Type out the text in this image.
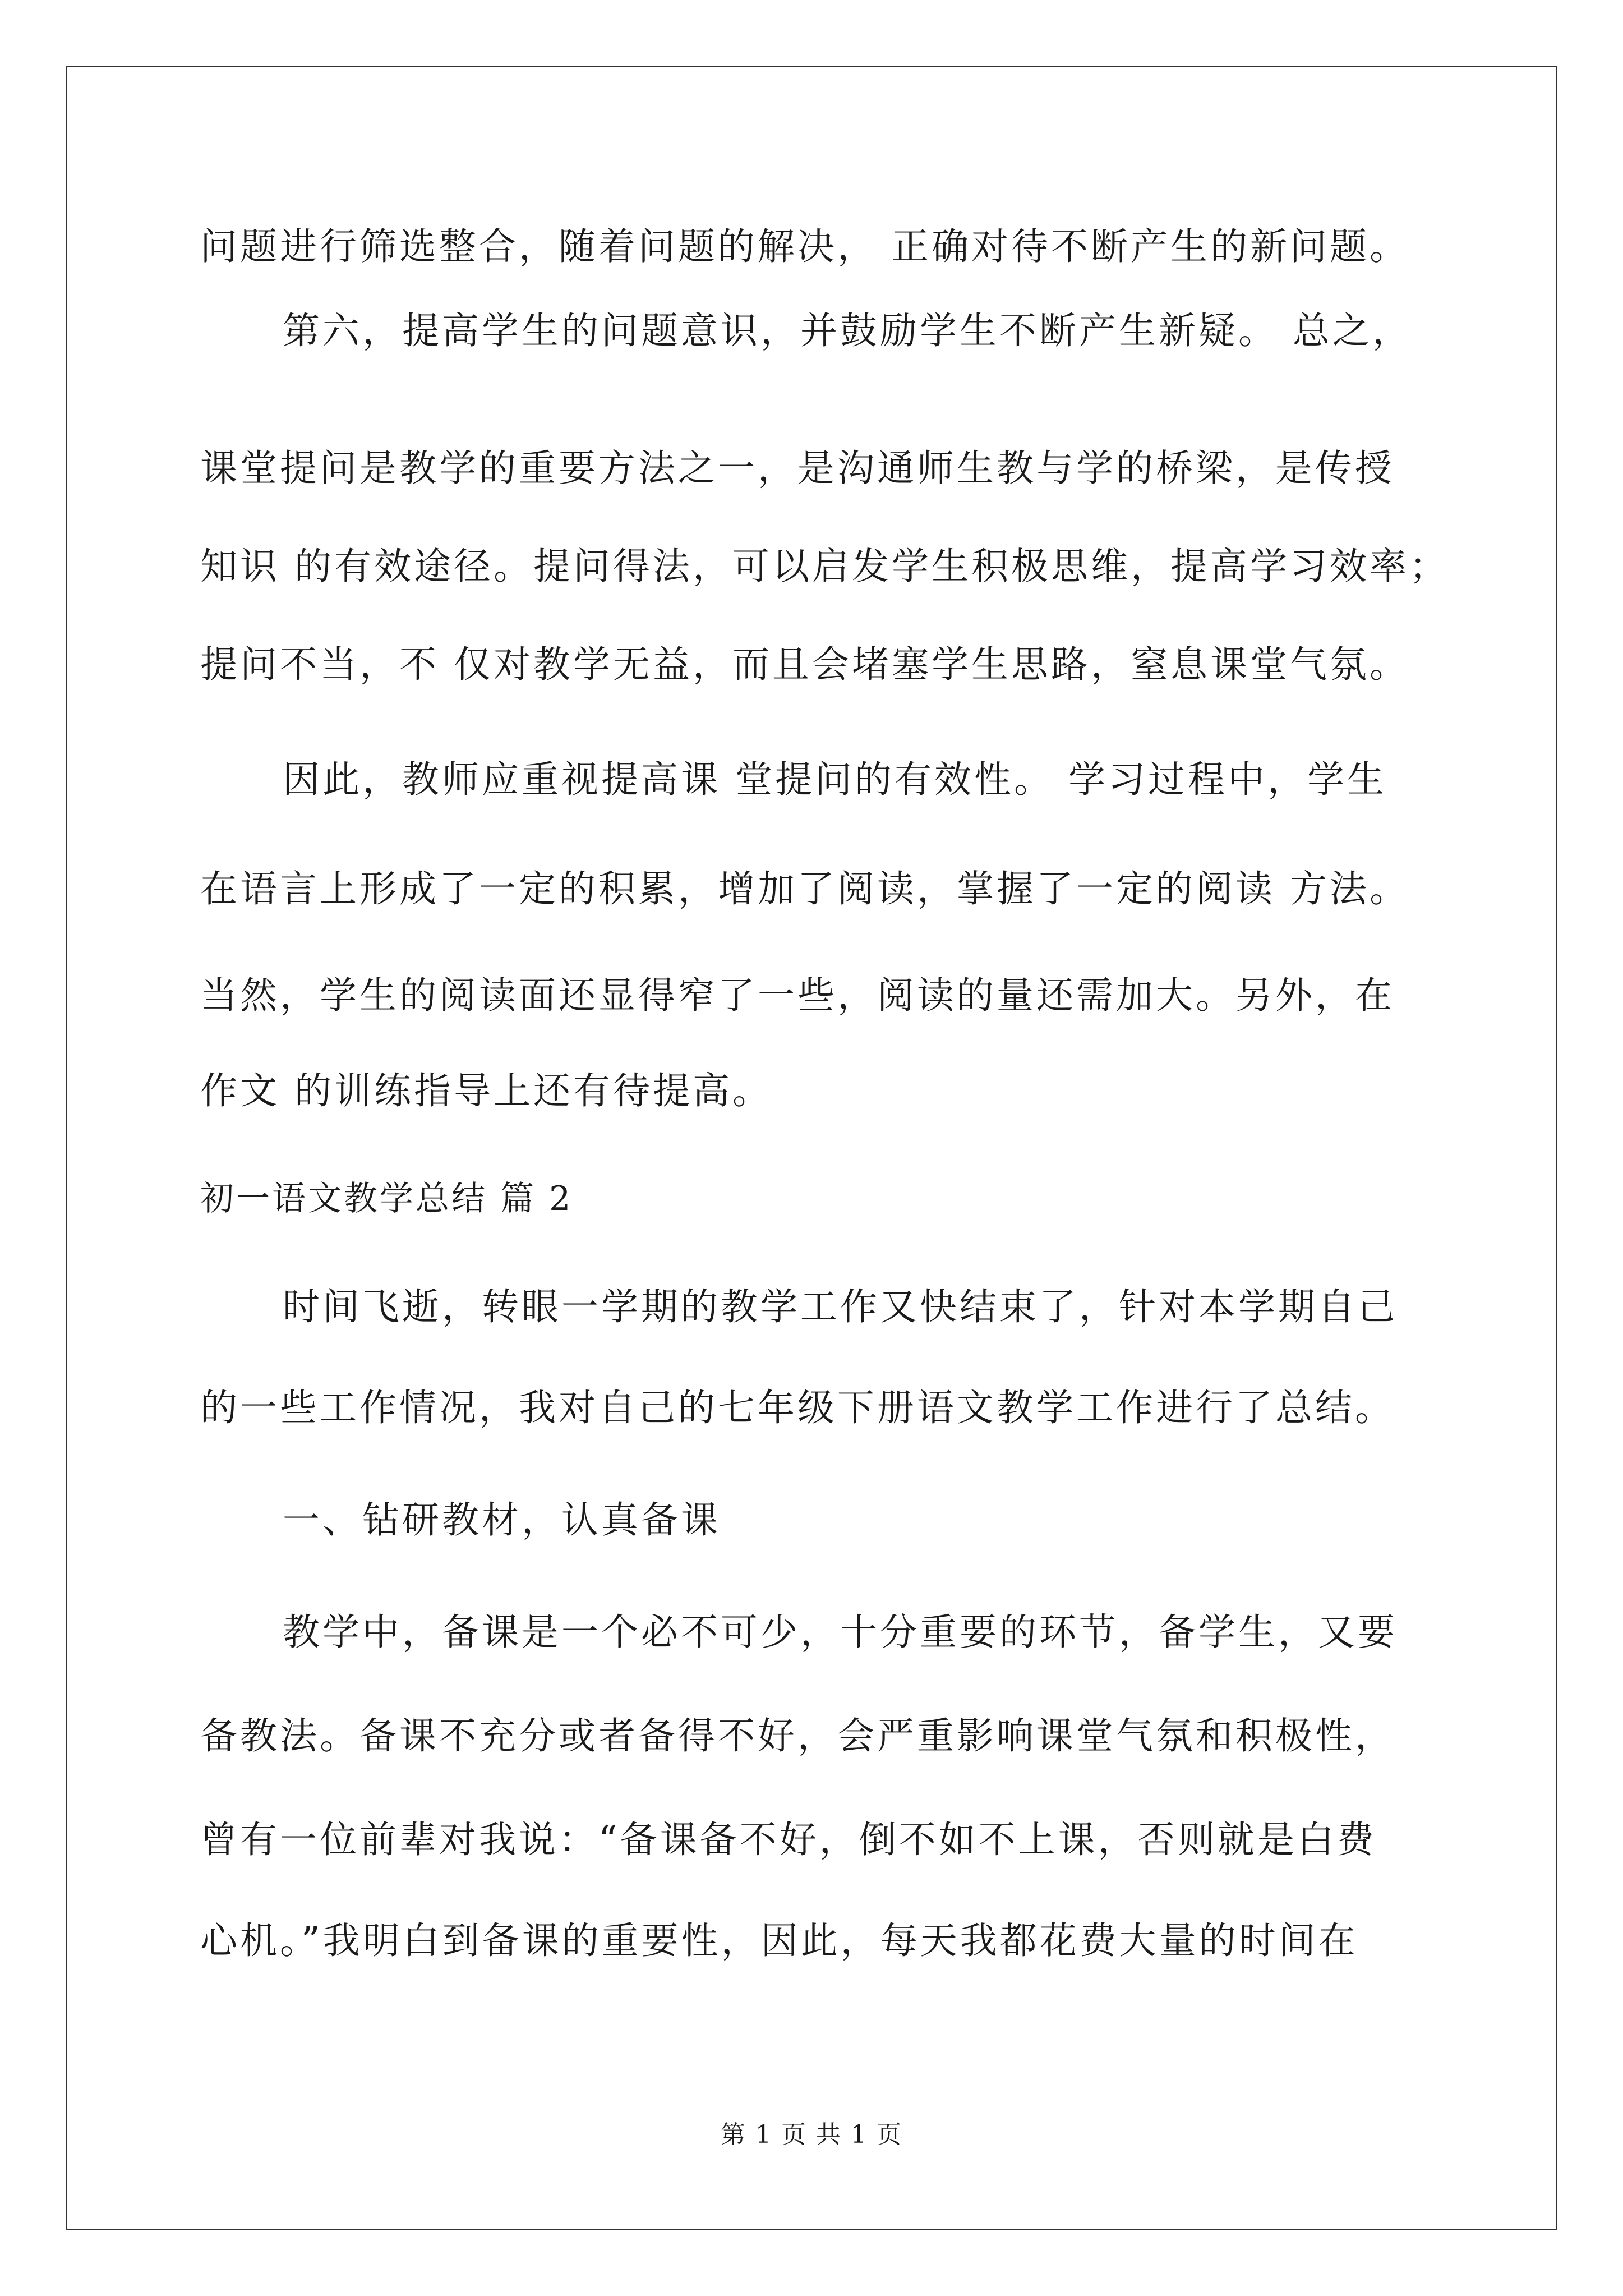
问题进行筛选整合，随着问题的解决， 正确对待不断产生的新问题。
第六，提高学生的问题意识，并鼓励学生不断产生新疑。 总之，
课堂提问是教学的重要方法之一，是沟通师生教与学的桥梁，是传授
知识 的有效途径。提问得法，可以启发学生积极思维，提高学习效率；
提问不当，不 仅对教学无益，而且会堵塞学生思路，窒息课堂气氛。
因此，教师应重视提高课 堂提问的有效性。 学习过程中，学生
在语言上形成了一定的积累，增加了阅读，掌握了一定的阅读 方法。
当然，学生的阅读面还显得窄了一些，阅读的量还需加大。另外，在
作文 的训练指导上还有待提高。
初一语文教学总结 篇 2
时间飞逝，转眼一学期的教学工作又快结束了，针对本学期自己
的一些工作情况，我对自己的七年级下册语文教学工作进行了总结。
一、钻研教材，认真备课
教学中，备课是一个必不可少，十分重要的环节，备学生，又要
备教法。备课不充分或者备得不好，会严重影响课堂气氛和积极性，
曾有一位前辈对我说：“备课备不好，倒不如不上课，否则就是白费
心机。”我明白到备课的重要性，因此，每天我都花费大量的时间在
第 1 页 共 1 页
